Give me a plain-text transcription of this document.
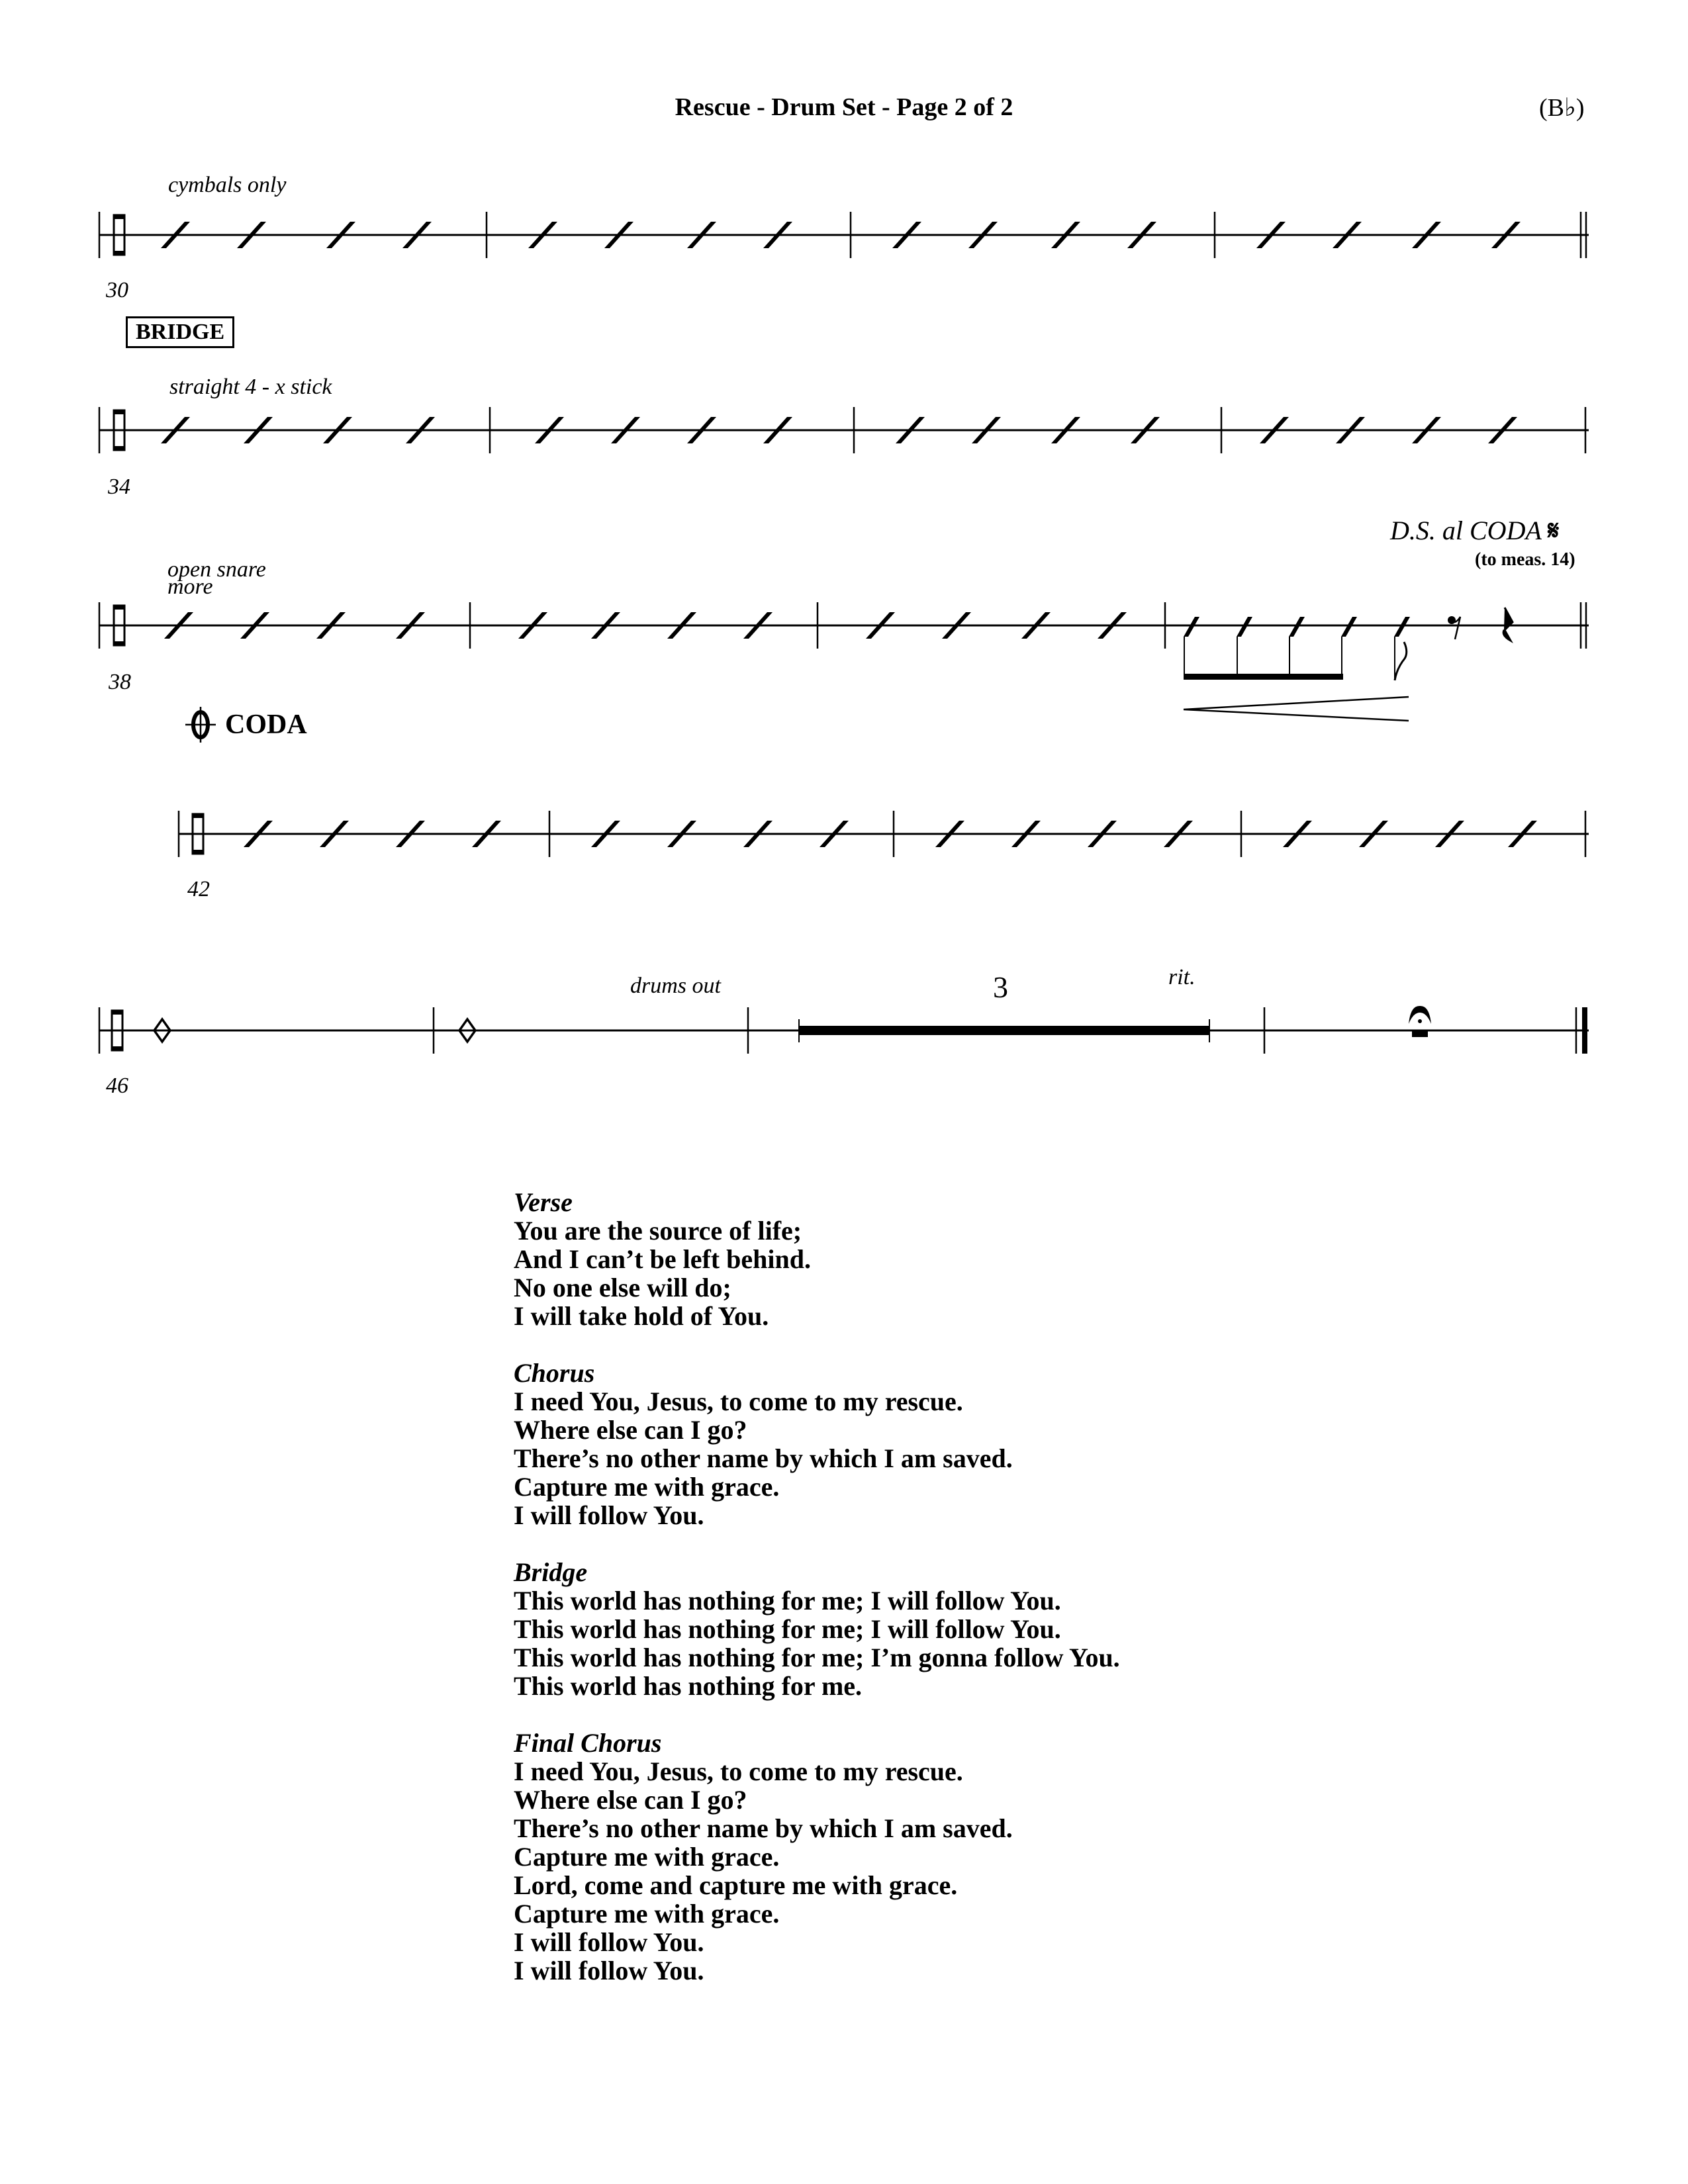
Rescue - Drum Set - Page 2 of 2	(B♭)
cymbals only
30
BRIDGE
straight 4 - x stick
34
D.S. al CODA 𝄋
(to meas. 14)
open snare
more
38
CODA
42
drums out	3	rit.
46
Verse
You are the source of life;
And I can’t be left behind.
No one else will do;
I will take hold of You.
Chorus
I need You, Jesus, to come to my rescue.
Where else can I go?
There’s no other name by which I am saved.
Capture me with grace.
I will follow You.
Bridge
This world has nothing for me; I will follow You.
This world has nothing for me; I will follow You.
This world has nothing for me; I’m gonna follow You.
This world has nothing for me.
Final Chorus
I need You, Jesus, to come to my rescue.
Where else can I go?
There’s no other name by which I am saved.
Capture me with grace.
Lord, come and capture me with grace.
Capture me with grace.
I will follow You.
I will follow You.
